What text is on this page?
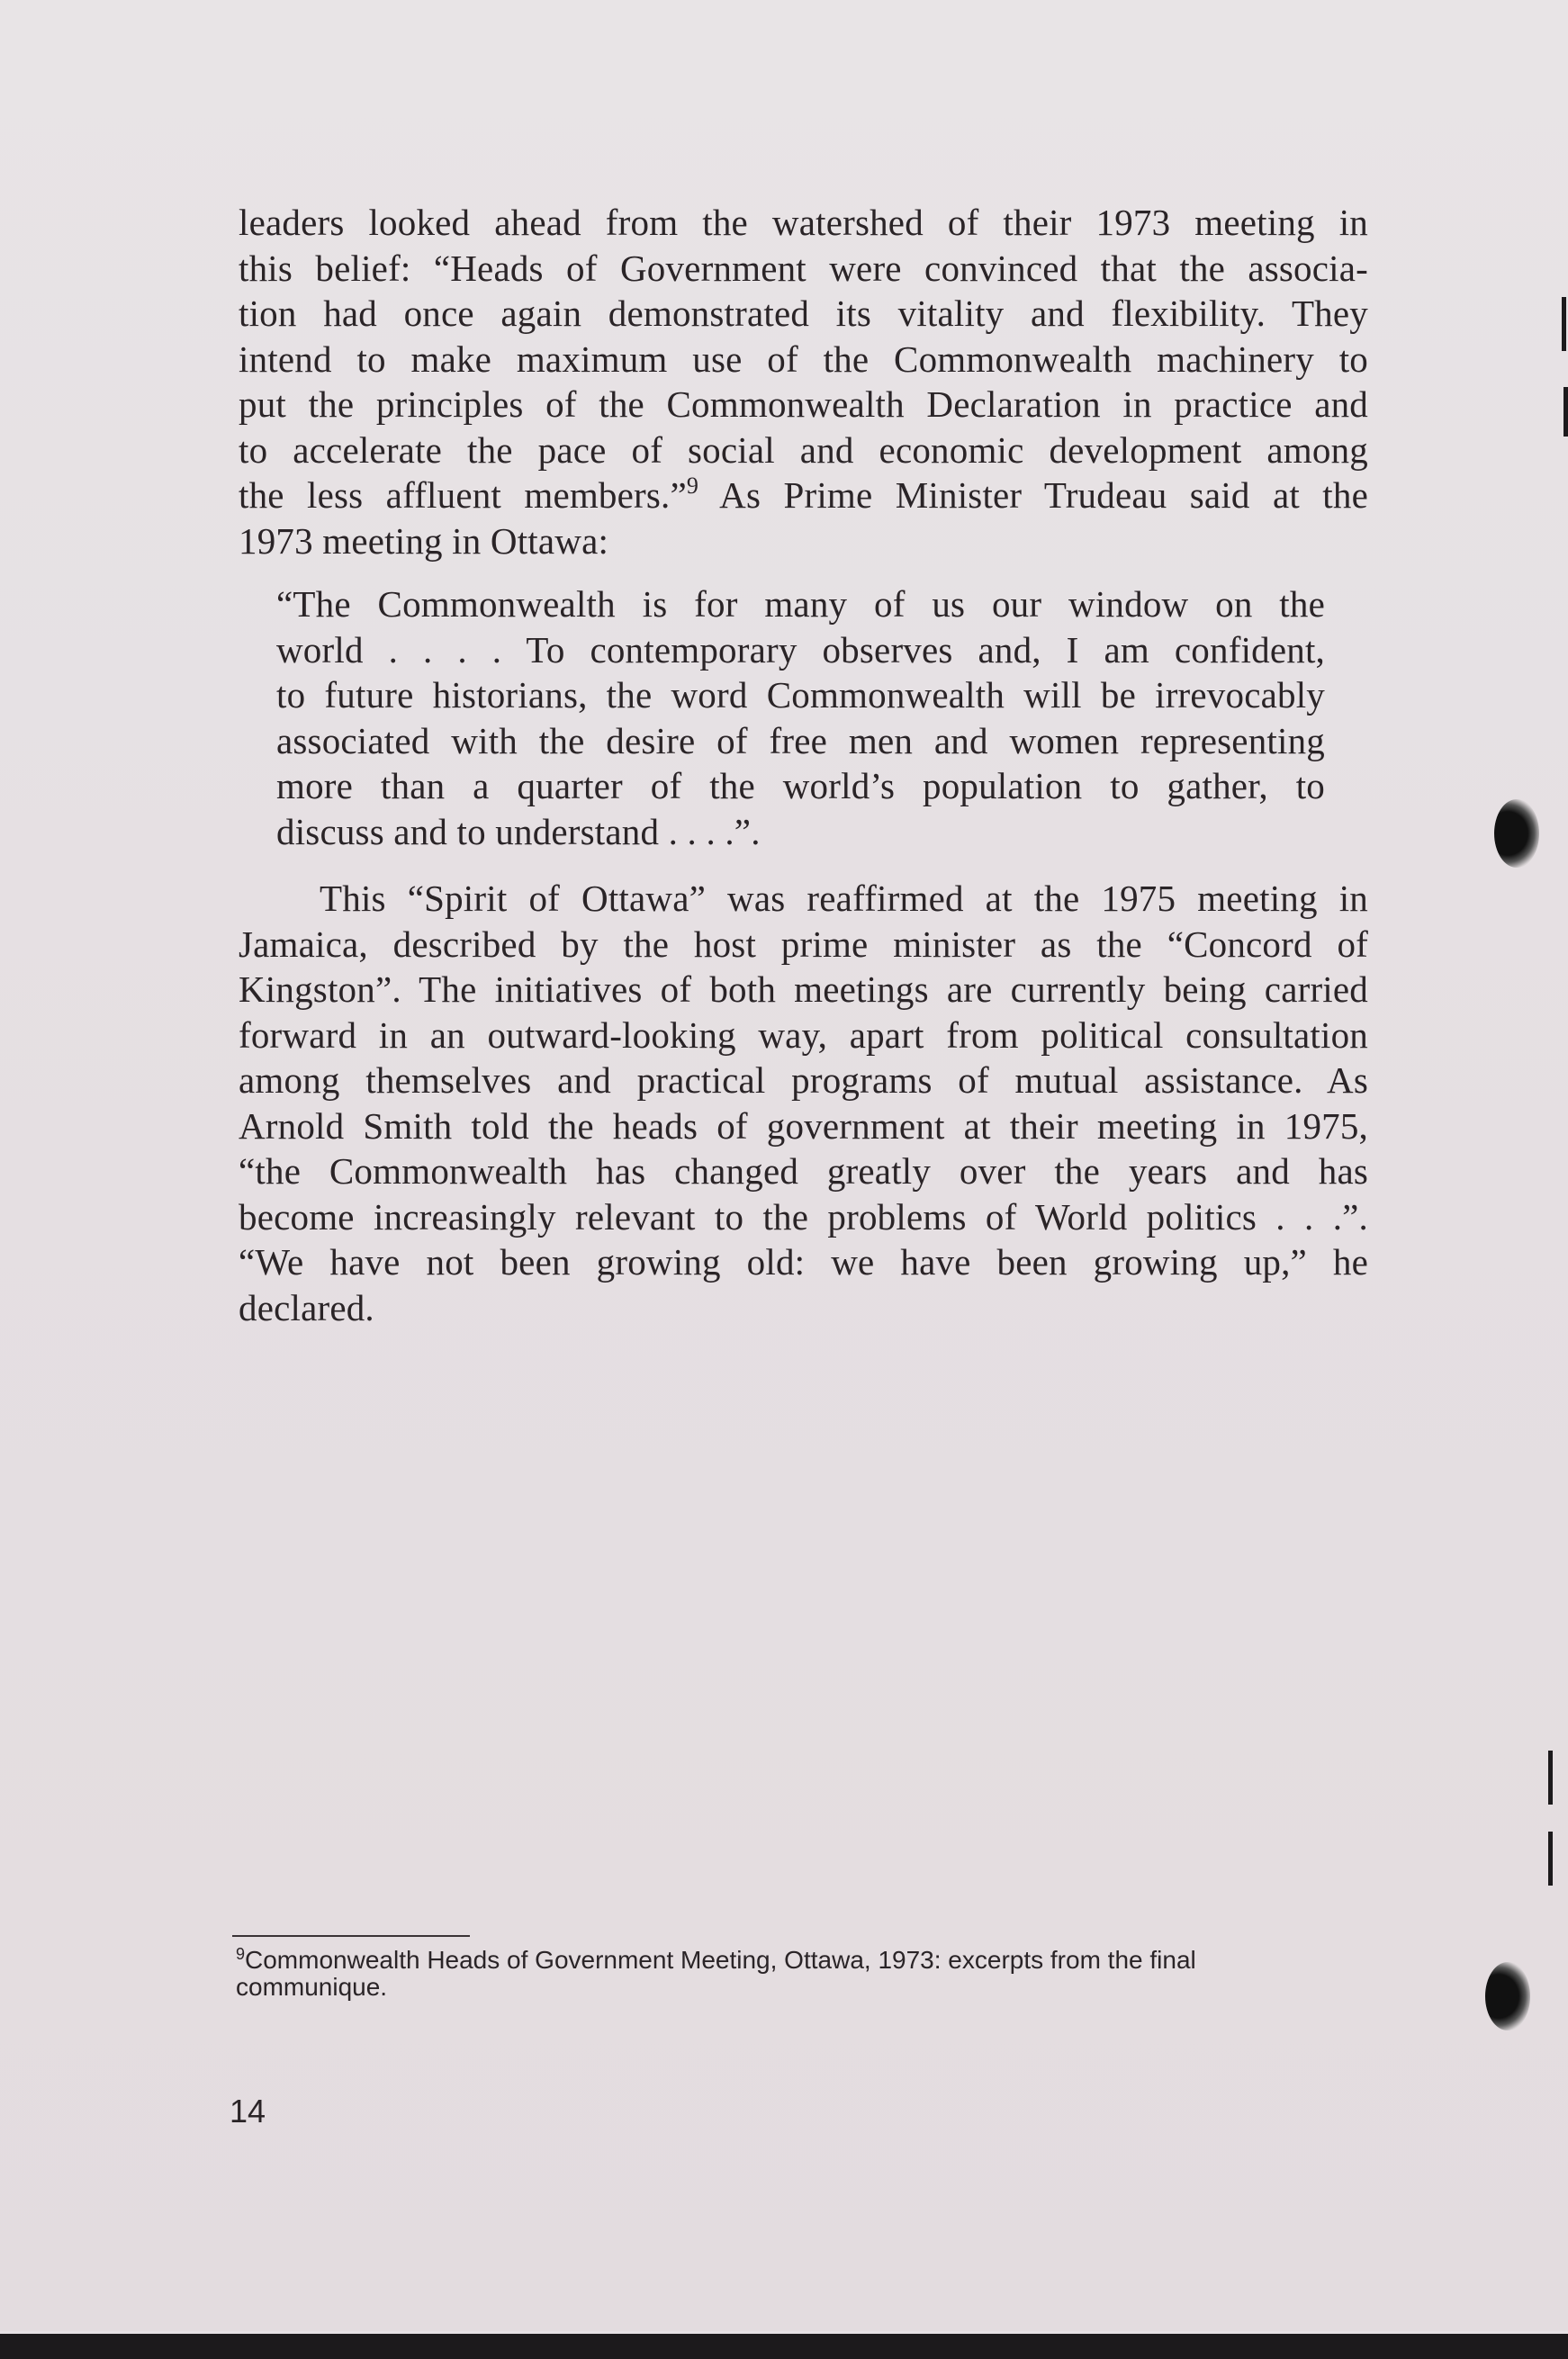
leaders looked ahead from the watershed of their 1973 meeting in
this belief: “Heads of Government were convinced that the associa-
tion had once again demonstrated its vitality and flexibility. They
intend to make maximum use of the Commonwealth machinery to
put the principles of the Commonwealth Declaration in practice and
to accelerate the pace of social and economic development among
the less affluent members.”$^9$ As Prime Minister Trudeau said at the
1973 meeting in Ottawa:

“The Commonwealth is for many of us our window on the
world . . . . To contemporary observes and, I am confident,
to future historians, the word Commonwealth will be irrevocably
associated with the desire of free men and women representing
more than a quarter of the world’s population to gather, to
discuss and to understand . . . .”.

This “Spirit of Ottawa” was reaffirmed at the 1975 meeting in
Jamaica, described by the host prime minister as the “Concord of
Kingston”. The initiatives of both meetings are currently being carried
forward in an outward-looking way, apart from political consultation
among themselves and practical programs of mutual assistance. As
Arnold Smith told the heads of government at their meeting in 1975,
“the Commonwealth has changed greatly over the years and has
become increasingly relevant to the problems of World politics . . .”.
“We have not been growing old: we have been growing up,” he
declared.

$^9$Commonwealth Heads of Government Meeting, Ottawa, 1973: excerpts from the final
communique.
14
